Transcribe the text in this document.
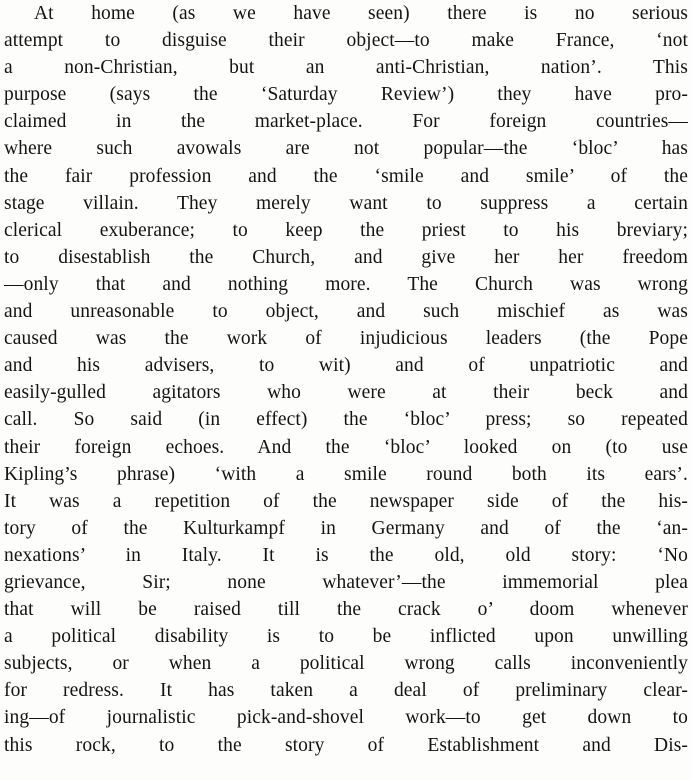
At home (as we have seen) there is no serious
attempt to disguise their object—to make France, ‘not
a non-Christian, but an anti-Christian, nation’. This
purpose (says the ‘Saturday Review’) they have pro-
claimed in the market-place. For foreign countries—
where such avowals are not popular—the ‘bloc’ has
the fair profession and the ‘smile and smile’ of the
stage villain. They merely want to suppress a certain
clerical exuberance; to keep the priest to his breviary;
to disestablish the Church, and give her her freedom
—only that and nothing more. The Church was wrong
and unreasonable to object, and such mischief as was
caused was the work of injudicious leaders (the Pope
and his advisers, to wit) and of unpatriotic and
easily-gulled agitators who were at their beck and
call. So said (in effect) the ‘bloc’ press; so repeated
their foreign echoes. And the ‘bloc’ looked on (to use
Kipling’s phrase) ‘with a smile round both its ears’.
It was a repetition of the newspaper side of the his-
tory of the Kulturkampf in Germany and of the ‘an-
nexations’ in Italy. It is the old, old story: ‘No
grievance, Sir; none whatever’—the immemorial plea
that will be raised till the crack o’ doom whenever
a political disability is to be inflicted upon unwilling
subjects, or when a political wrong calls inconveniently
for redress. It has taken a deal of preliminary clear-
ing—of journalistic pick-and-shovel work—to get down to
this rock, to the story of Establishment and Dis-
